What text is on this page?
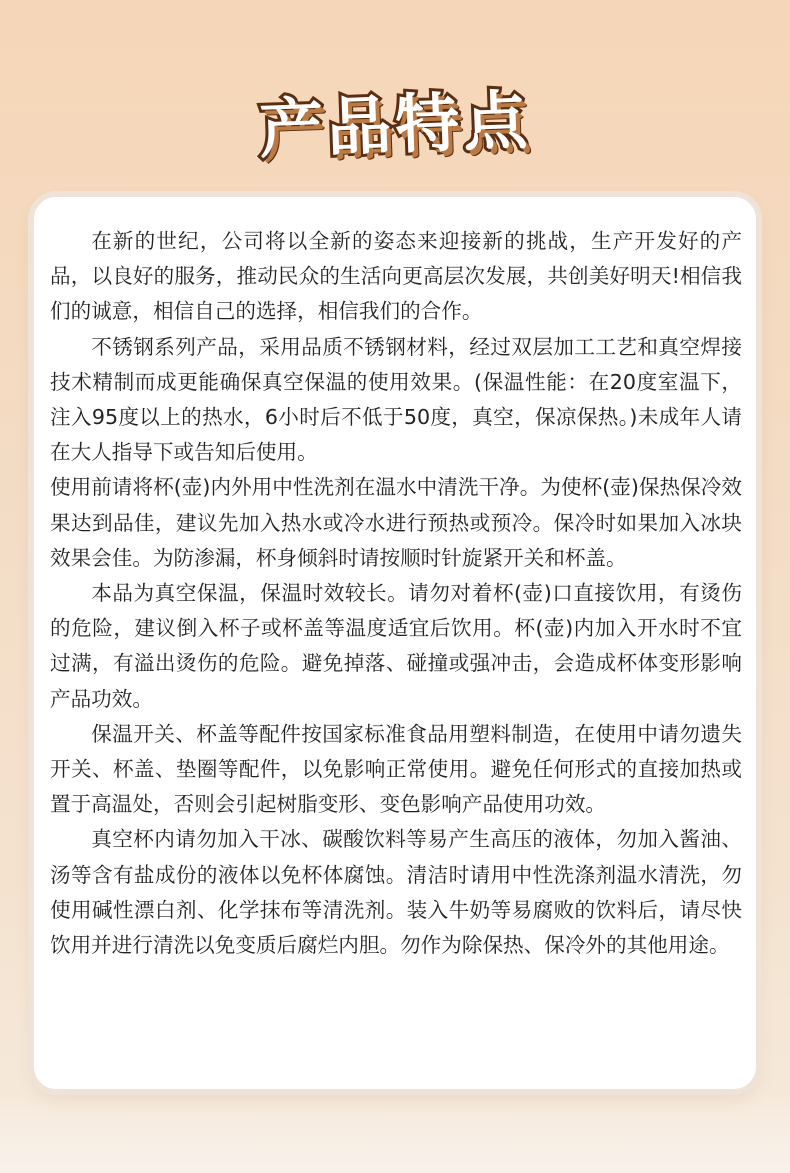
产品特点

在新的世纪，公司将以全新的姿态来迎接新的挑战，生产开发好的产品，以良好的服务，推动民众的生活向更高层次发展，共创美好明天!相信我们的诚意，相信自己的选择，相信我们的合作。

不锈钢系列产品，采用品质不锈钢材料，经过双层加工工艺和真空焊接技术精制而成更能确保真空保温的使用效果。(保温性能：在20度室温下，注入95度以上的热水，6小时后不低于50度，真空，保凉保热。)未成年人请在大人指导下或告知后使用。

使用前请将杯(壶)内外用中性洗剂在温水中清洗干净。为使杯(壶)保热保冷效果达到品佳，建议先加入热水或冷水进行预热或预冷。保冷时如果加入冰块效果会佳。为防渗漏，杯身倾斜时请按顺时针旋紧开关和杯盖。

本品为真空保温，保温时效较长。请勿对着杯(壶)口直接饮用，有烫伤的危险，建议倒入杯子或杯盖等温度适宜后饮用。杯(壶)内加入开水时不宜过满，有溢出烫伤的危险。避免掉落、碰撞或强冲击，会造成杯体变形影响产品功效。

保温开关、杯盖等配件按国家标准食品用塑料制造，在使用中请勿遗失开关、杯盖、垫圈等配件，以免影响正常使用。避免任何形式的直接加热或置于高温处，否则会引起树脂变形、变色影响产品使用功效。

真空杯内请勿加入干冰、碳酸饮料等易产生高压的液体，勿加入酱油、汤等含有盐成份的液体以免杯体腐蚀。清洁时请用中性洗涤剂温水清洗，勿使用碱性漂白剂、化学抹布等清洗剂。装入牛奶等易腐败的饮料后，请尽快饮用并进行清洗以免变质后腐烂内胆。勿作为除保热、保冷外的其他用途。
